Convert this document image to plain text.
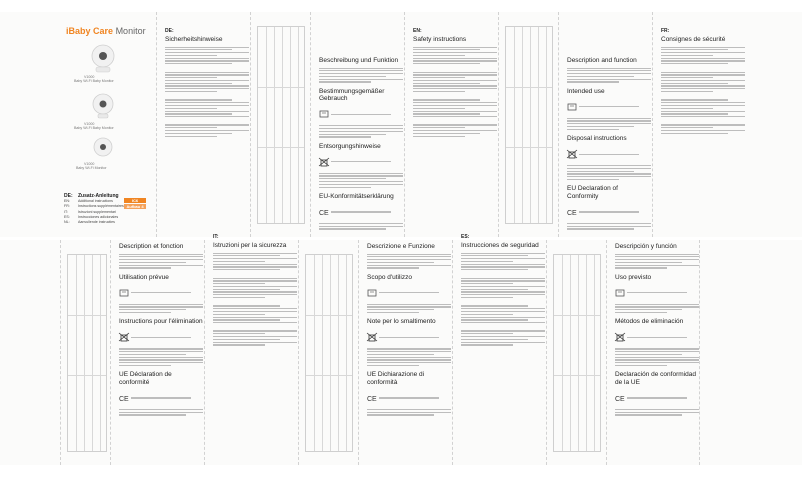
iBaby Care Monitor
V1000
Baby Wi-Fi Baby Monitor
V1000
Baby Wi-Fi Baby Monitor
V1000
Baby Wi-Fi Monitor
DE:	Zusatz-Anleitung
EN:	Additional instructions
FR:	Instructions supplémentaires
IT:	Istruzioni supplementari
ES:	Instrucciones adicionales
NL:	Aanvullende instructies
IC6
Aufbau 4
DE:
Sicherheitshinweise
Beschreibung und Funktion
Bestimmungsgemäßer Gebrauch
Entsorgungshinweise
EU-Konformitätserklärung
CE
EN:
Safety instructions
Description and function
Intended use
Disposal instructions
EU Declaration of Conformity
CE
FR:
Consignes de sécurité
Description et fonction
Utilisation prévue
Instructions pour l'élimination
UE Déclaration de conformité
CE
IT:
Istruzioni per la sicurezza	Descrizione e Funzione
Scopo d'utilizzo
Note per lo smaltimento
UE Dichiarazione di conformità
CE
ES:
Instrucciones de seguridad	Descripción y función
Uso previsto
Métodos de eliminación
Declaración de conformidad de la UE
CE
